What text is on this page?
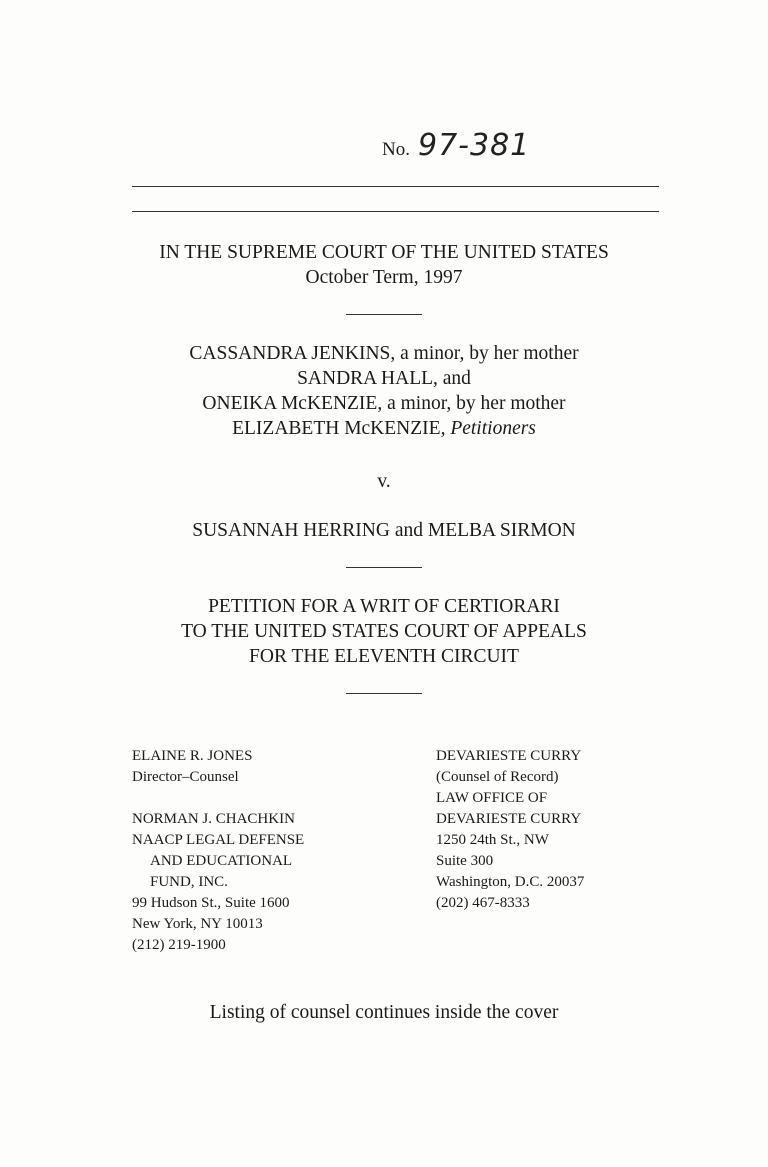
No. 97-381
IN THE SUPREME COURT OF THE UNITED STATES
October Term, 1997
CASSANDRA JENKINS, a minor, by her mother
SANDRA HALL, and
ONEIKA McKENZIE, a minor, by her mother
ELIZABETH McKENZIE, Petitioners
v.
SUSANNAH HERRING and MELBA SIRMON
PETITION FOR A WRIT OF CERTIORARI
TO THE UNITED STATES COURT OF APPEALS
FOR THE ELEVENTH CIRCUIT
ELAINE R. JONES
Director–Counsel
NORMAN J. CHACHKIN
NAACP LEGAL DEFENSE
AND EDUCATIONAL
FUND, INC.
99 Hudson St., Suite 1600
New York, NY 10013
(212) 219-1900
DEVARIESTE CURRY
(Counsel of Record)
LAW OFFICE OF
DEVARIESTE CURRY
1250 24th St., NW
Suite 300
Washington, D.C. 20037
(202) 467-8333
Listing of counsel continues inside the cover
